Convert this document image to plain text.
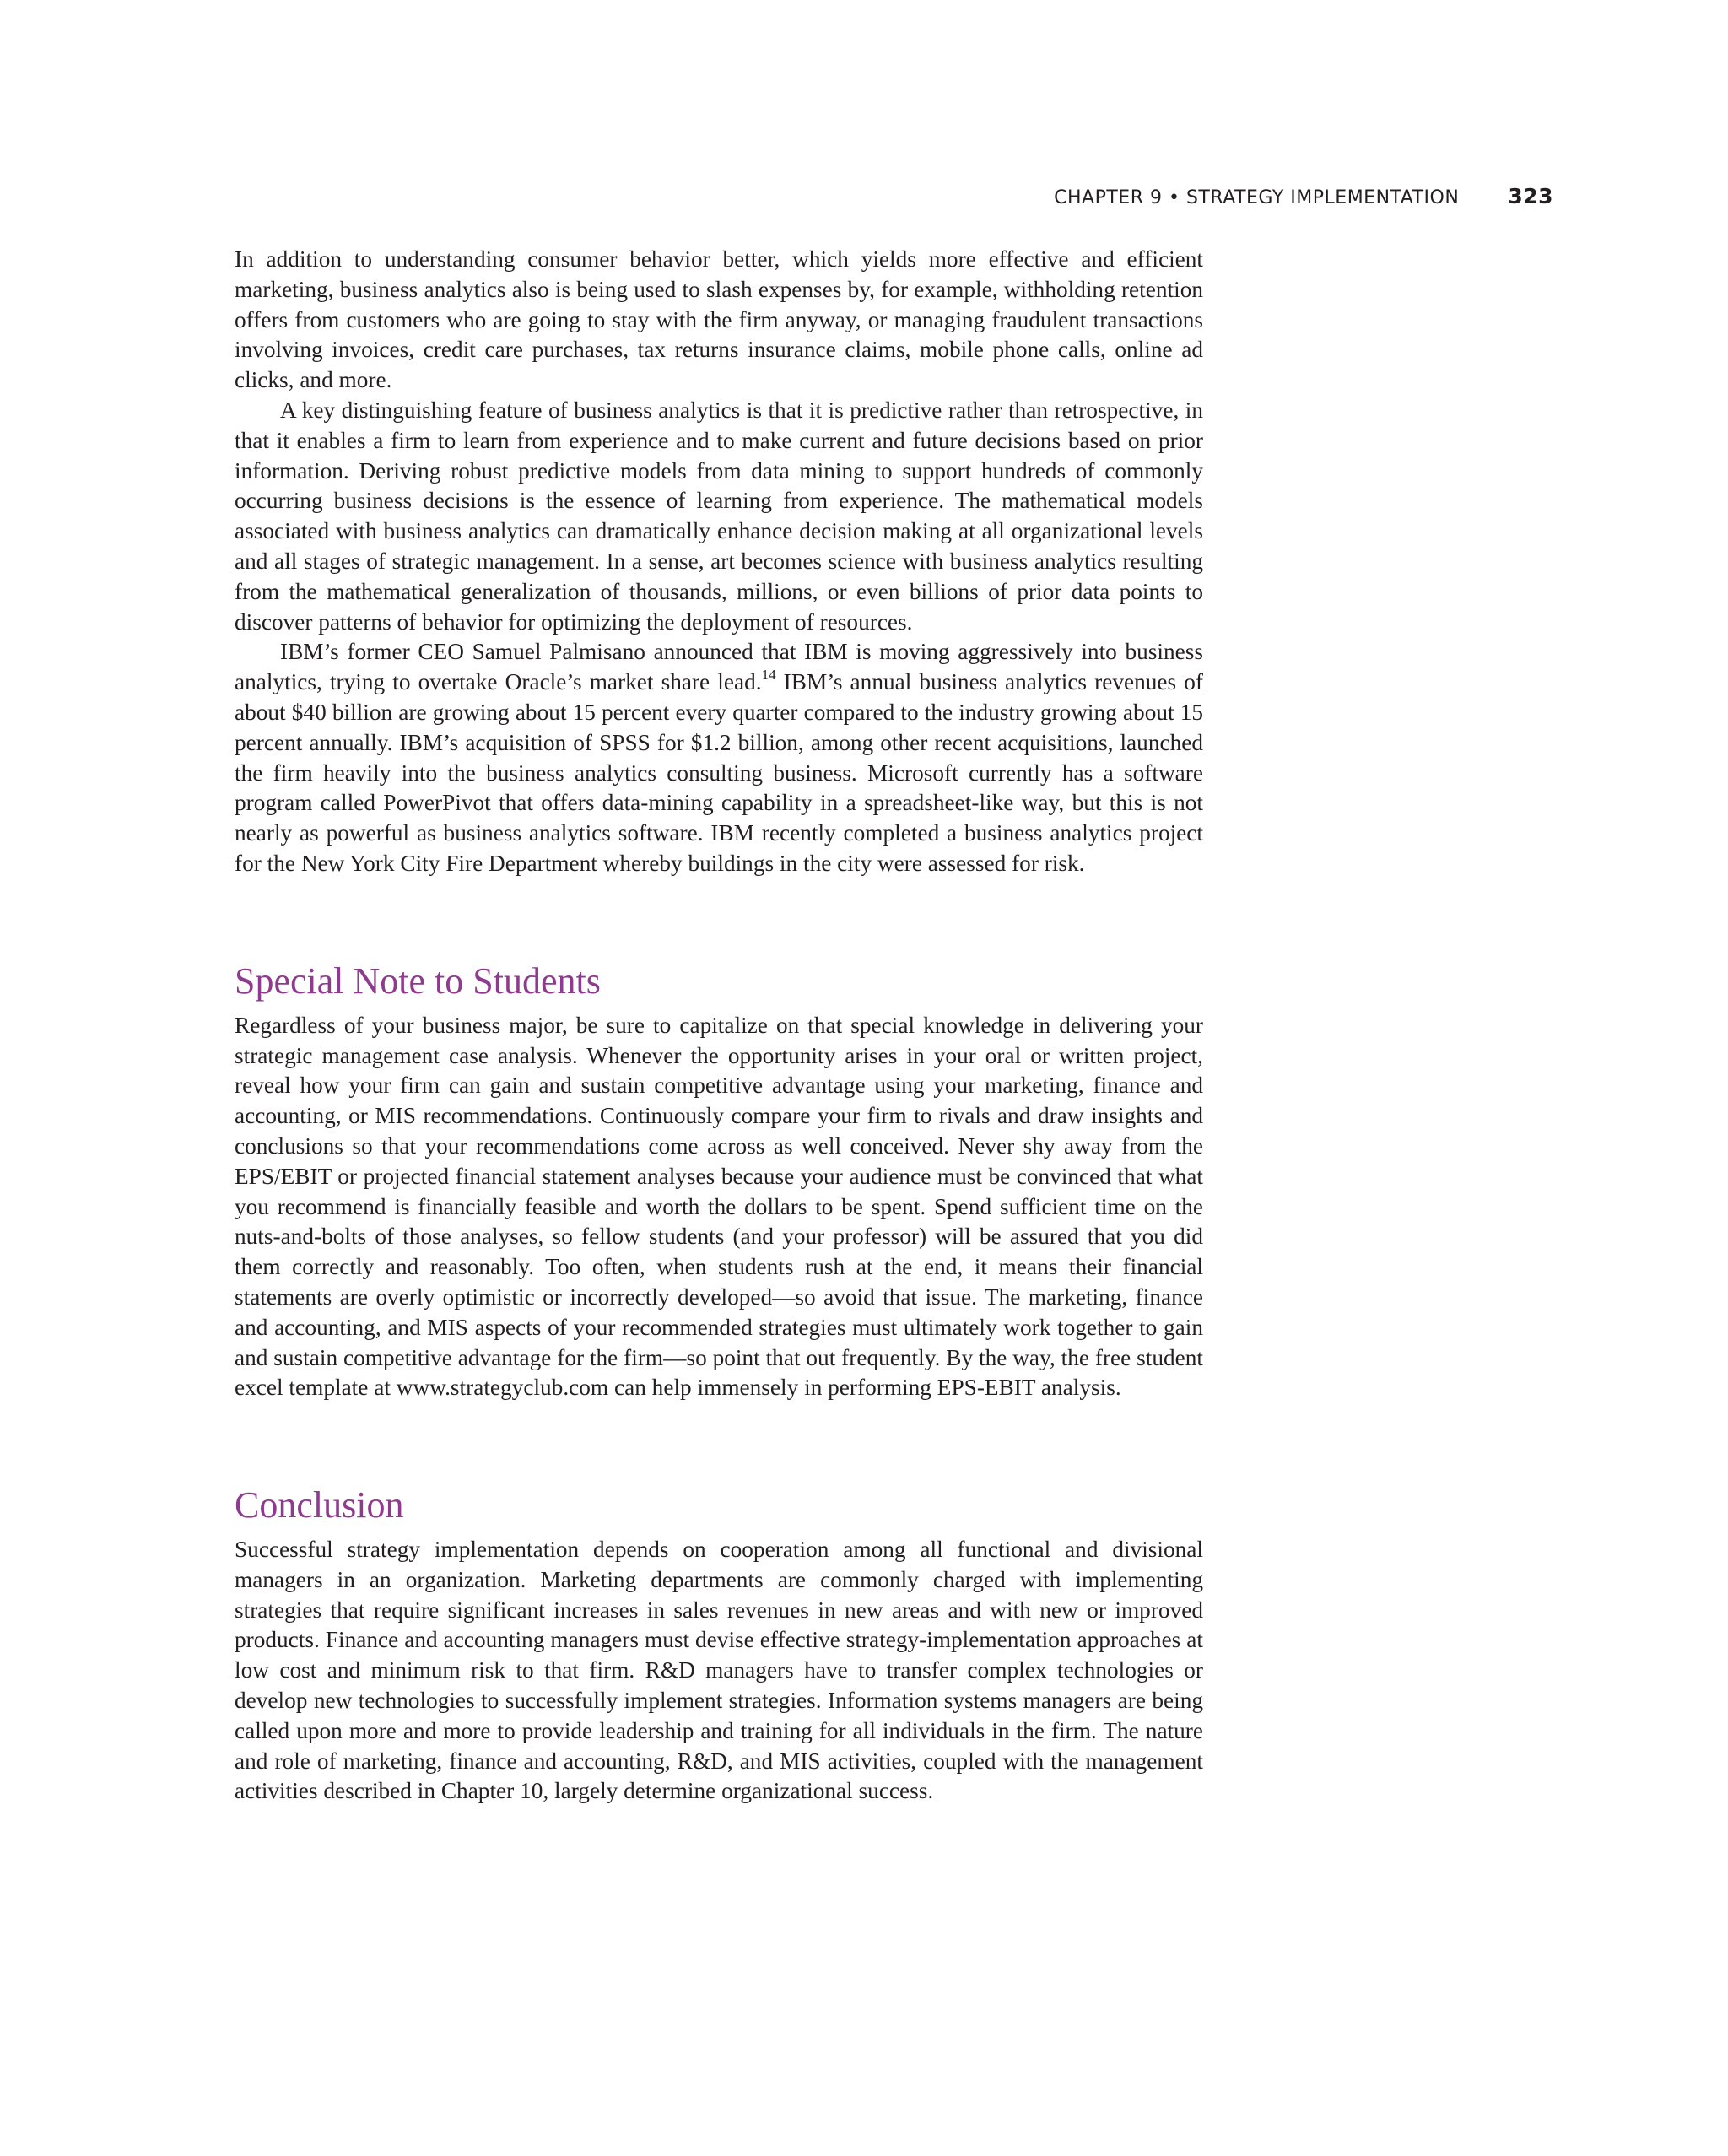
CHAPTER 9 • STRATEGY IMPLEMENTATION 323

In addition to understanding consumer behavior better, which yields more effective and efficient marketing, business analytics also is being used to slash expenses by, for example, withholding retention offers from customers who are going to stay with the firm anyway, or managing fraudulent transactions involving invoices, credit care purchases, tax returns insurance claims, mobile phone calls, online ad clicks, and more.

A key distinguishing feature of business analytics is that it is predictive rather than retrospective, in that it enables a firm to learn from experience and to make current and future decisions based on prior information. Deriving robust predictive models from data mining to support hundreds of commonly occurring business decisions is the essence of learning from experience. The mathematical models associated with business analytics can dramatically enhance decision making at all organizational levels and all stages of strategic management. In a sense, art becomes science with business analytics resulting from the mathematical generalization of thousands, millions, or even billions of prior data points to discover patterns of behavior for optimizing the deployment of resources.

IBM’s former CEO Samuel Palmisano announced that IBM is moving aggressively into business analytics, trying to overtake Oracle’s market share lead.$^{14}$ IBM’s annual business analytics revenues of about $40 billion are growing about 15 percent every quarter compared to the industry growing about 15 percent annually. IBM’s acquisition of SPSS for $1.2 billion, among other recent acquisitions, launched the firm heavily into the business analytics consulting business. Microsoft currently has a software program called PowerPivot that offers data-mining capability in a spreadsheet-like way, but this is not nearly as powerful as business analytics software. IBM recently completed a business analytics project for the New York City Fire Department whereby buildings in the city were assessed for risk.

Special Note to Students

Regardless of your business major, be sure to capitalize on that special knowledge in delivering your strategic management case analysis. Whenever the opportunity arises in your oral or written project, reveal how your firm can gain and sustain competitive advantage using your marketing, finance and accounting, or MIS recommendations. Continuously compare your firm to rivals and draw insights and conclusions so that your recommendations come across as well conceived. Never shy away from the EPS/EBIT or projected financial statement analyses because your audience must be convinced that what you recommend is financially feasible and worth the dollars to be spent. Spend sufficient time on the nuts-and-bolts of those analyses, so fellow students (and your professor) will be assured that you did them correctly and reasonably. Too often, when students rush at the end, it means their financial statements are overly optimistic or incorrectly developed—so avoid that issue. The marketing, finance and accounting, and MIS aspects of your recommended strategies must ultimately work together to gain and sustain competitive advantage for the firm—so point that out frequently. By the way, the free student excel template at www.strategyclub.com can help immensely in performing EPS-EBIT analysis.

Conclusion

Successful strategy implementation depends on cooperation among all functional and divisional managers in an organization. Marketing departments are commonly charged with implementing strategies that require significant increases in sales revenues in new areas and with new or improved products. Finance and accounting managers must devise effective strategy-implementation approaches at low cost and minimum risk to that firm. R&D managers have to transfer complex technologies or develop new technologies to successfully implement strategies. Information systems managers are being called upon more and more to provide leadership and training for all individuals in the firm. The nature and role of marketing, finance and accounting, R&D, and MIS activities, coupled with the management activities described in Chapter 10, largely determine organizational success.
